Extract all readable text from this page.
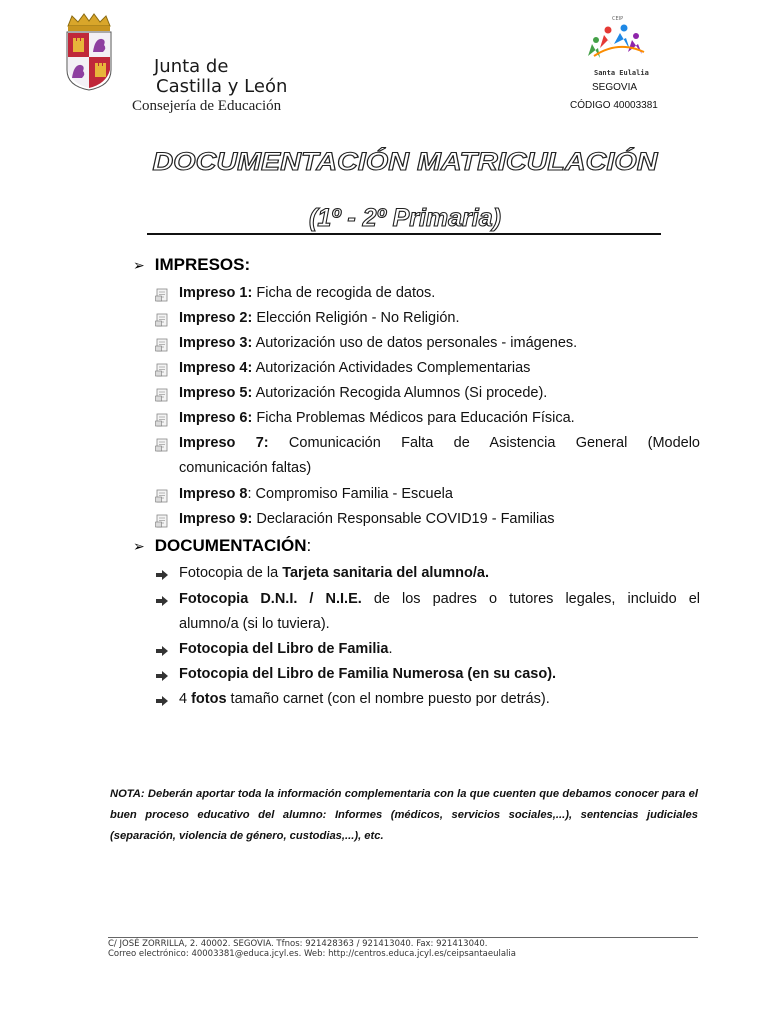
Junta de
Castilla y León
Consejería de Educación
CEIP
Santa Eulalia
SEGOVIA
CÓDIGO 40003381
DOCUMENTACIÓN MATRICULACIÓN
(1º - 2º Primaria)
➢ IMPRESOS:
Impreso 1: Ficha de recogida de datos.
Impreso 2: Elección Religión - No Religión.
Impreso 3: Autorización uso de datos personales - imágenes.
Impreso 4: Autorización Actividades Complementarias
Impreso 5: Autorización Recogida Alumnos (Si procede).
Impreso 6: Ficha Problemas Médicos para Educación Física.
Impreso 7: Comunicación Falta de Asistencia General (Modelo
comunicación faltas)
Impreso 8: Compromiso Familia - Escuela
Impreso 9: Declaración Responsable COVID19 - Familias
➢ DOCUMENTACIÓN :
Fotocopia de la Tarjeta sanitaria del alumno/a.
Fotocopia D.N.I. / N.I.E. de los padres o tutores legales, incluido el
alumno/a (si lo tuviera).
Fotocopia del Libro de Familia.
Fotocopia del Libro de Familia Numerosa (en su caso).
4 fotos tamaño carnet (con el nombre puesto por detrás).
NOTA: Deberán aportar toda la información complementaria con la que cuenten que debamos conocer para el buen proceso educativo del alumno: Informes (médicos, servicios sociales,...), sentencias judiciales (separación, violencia de género, custodias,...), etc.
C/ JOSÉ ZORRILLA, 2. 40002. SEGOVIA. Tfnos: 921428363 / 921413040. Fax: 921413040.
Correo electrónico: 40003381@educa.jcyl.es. Web: http://centros.educa.jcyl.es/ceipsantaeulalia
